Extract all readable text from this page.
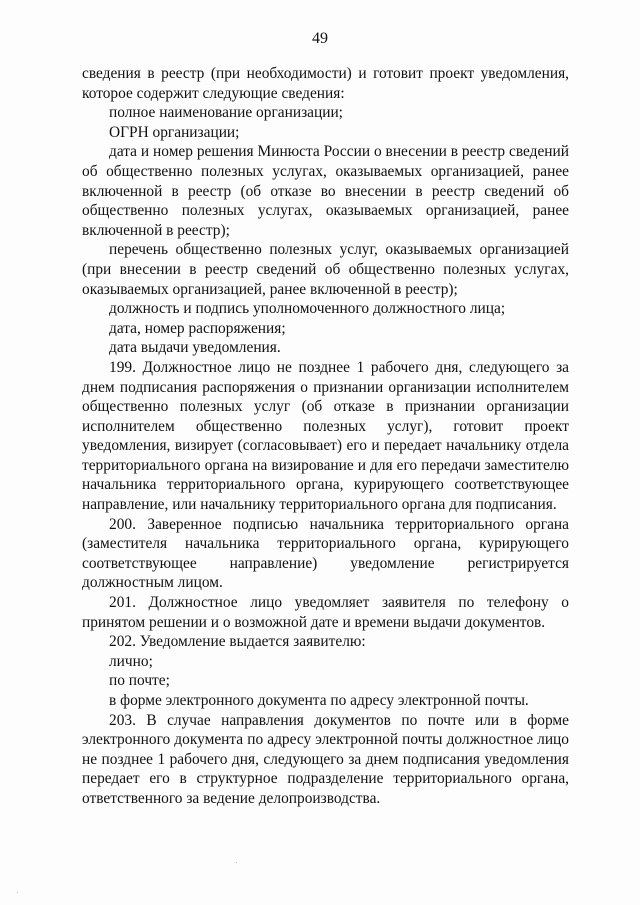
49

сведения в реестр (при необходимости) и готовит проект уведомления, которое содержит следующие сведения:

полное наименование организации;

ОГРН организации;

дата и номер решения Минюста России о внесении в реестр сведений об общественно полезных услугах, оказываемых организацией, ранее включенной в реестр (об отказе во внесении в реестр сведений об общественно полезных услугах, оказываемых организацией, ранее включенной в реестр);

перечень общественно полезных услуг, оказываемых организацией (при внесении в реестр сведений об общественно полезных услугах, оказываемых организацией, ранее включенной в реестр);

должность и подпись уполномоченного должностного лица;

дата, номер распоряжения;

дата выдачи уведомления.

199. Должностное лицо не позднее 1 рабочего дня, следующего за днем подписания распоряжения о признании организации исполнителем общественно полезных услуг (об отказе в признании организации исполнителем общественно полезных услуг), готовит проект уведомления, визирует (согласовывает) его и передает начальнику отдела территориального органа на визирование и для его передачи заместителю начальника территориального органа, курирующего соответствующее направление, или начальнику территориального органа для подписания.

200. Заверенное подписью начальника территориального органа (заместителя начальника территориального органа, курирующего соответствующее направление) уведомление регистрируется должностным лицом.

201. Должностное лицо уведомляет заявителя по телефону о принятом решении и о возможной дате и времени выдачи документов.

202. Уведомление выдается заявителю:

лично;

по почте;

в форме электронного документа по адресу электронной почты.

203. В случае направления документов по почте или в форме электронного документа по адресу электронной почты должностное лицо не позднее 1 рабочего дня, следующего за днем подписания уведомления передает его в структурное подразделение территориального органа, ответственного за ведение делопроизводства.
